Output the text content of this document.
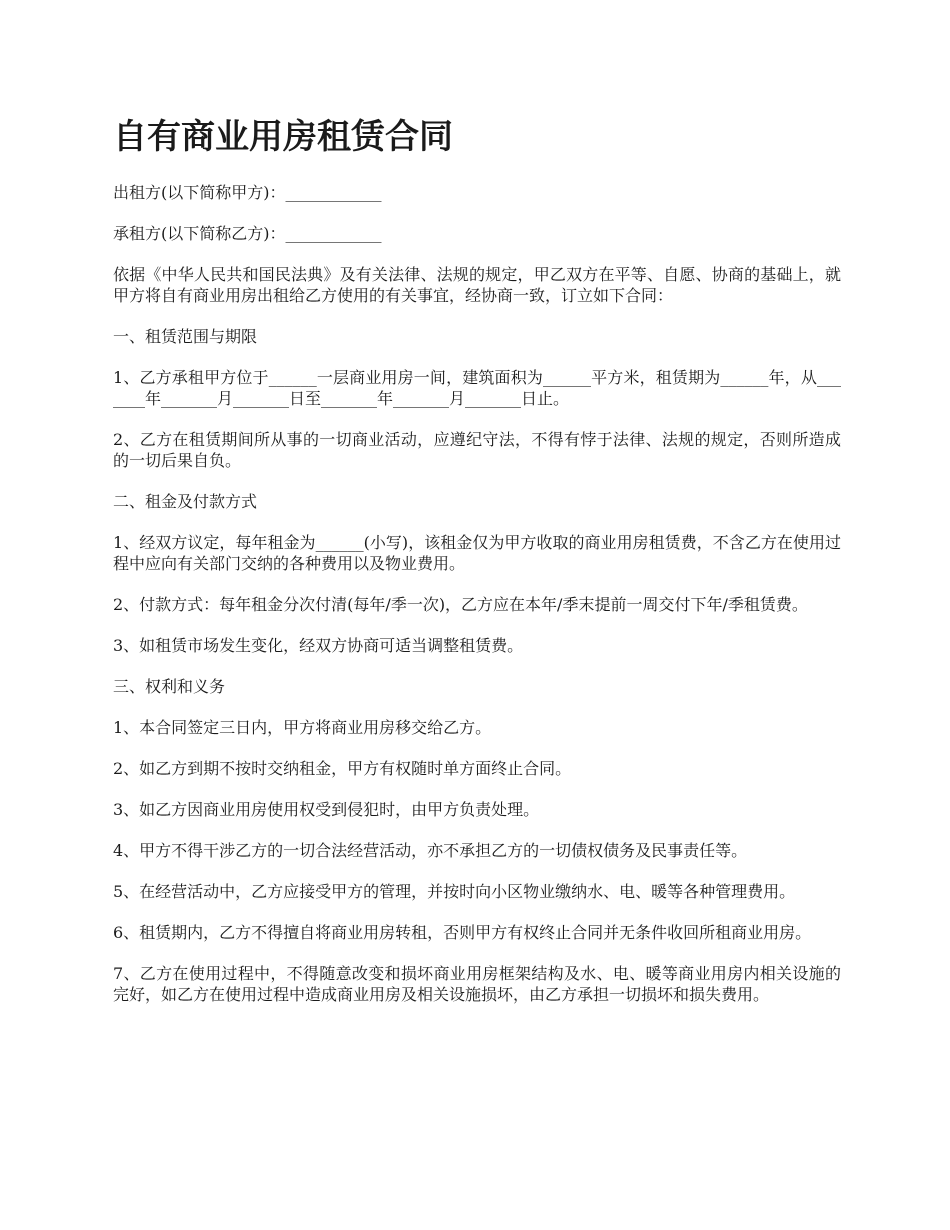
自有商业用房租赁合同

出租方(以下简称甲方)：____________

承租方(以下简称乙方)：____________

依据《中华人民共和国民法典》及有关法律、法规的规定，甲乙双方在平等、自愿、协商的基础上，就甲方将自有商业用房出租给乙方使用的有关事宜，经协商一致，订立如下合同：

一、租赁范围与期限

1、乙方承租甲方位于______一层商业用房一间，建筑面积为______平方米，租赁期为______年，从_______年_______月_______日至_______年_______月_______日止。

2、乙方在租赁期间所从事的一切商业活动，应遵纪守法，不得有悖于法律、法规的规定，否则所造成的一切后果自负。

二、租金及付款方式

1、经双方议定，每年租金为______(小写)，该租金仅为甲方收取的商业用房租赁费，不含乙方在使用过程中应向有关部门交纳的各种费用以及物业费用。

2、付款方式：每年租金分次付清(每年/季一次)，乙方应在本年/季末提前一周交付下年/季租赁费。

3、如租赁市场发生变化，经双方协商可适当调整租赁费。

三、权利和义务

1、本合同签定三日内，甲方将商业用房移交给乙方。

2、如乙方到期不按时交纳租金，甲方有权随时单方面终止合同。

3、如乙方因商业用房使用权受到侵犯时，由甲方负责处理。

4、甲方不得干涉乙方的一切合法经营活动，亦不承担乙方的一切债权债务及民事责任等。

5、在经营活动中，乙方应接受甲方的管理，并按时向小区物业缴纳水、电、暖等各种管理费用。

6、租赁期内，乙方不得擅自将商业用房转租，否则甲方有权终止合同并无条件收回所租商业用房。

7、乙方在使用过程中，不得随意改变和损坏商业用房框架结构及水、电、暖等商业用房内相关设施的完好，如乙方在使用过程中造成商业用房及相关设施损坏，由乙方承担一切损坏和损失费用。
